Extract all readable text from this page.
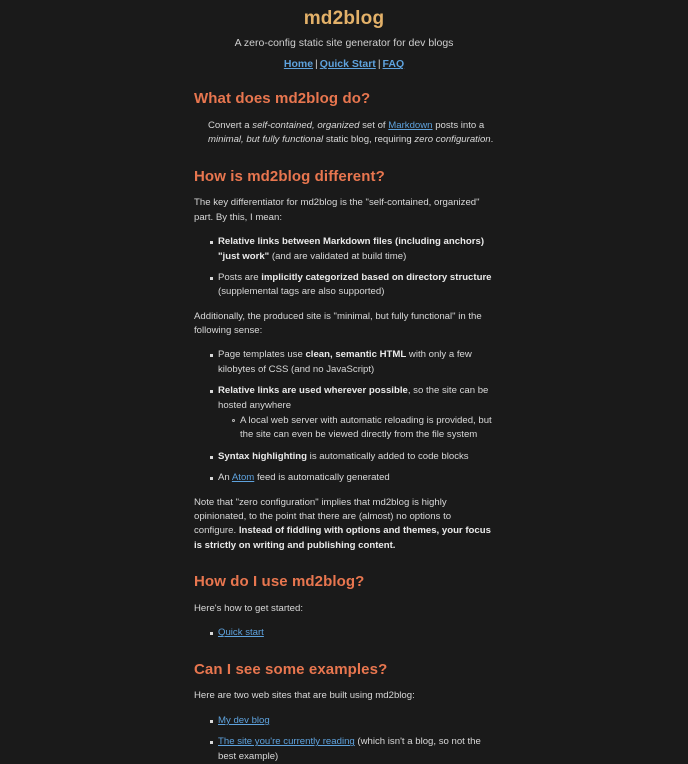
md2blog
A zero-config static site generator for dev blogs
Home | Quick Start | FAQ
What does md2blog do?

Convert a self-contained, organized set of Markdown posts into a minimal, but fully functional static blog, requiring zero configuration.

How is md2blog different?

The key differentiator for md2blog is the "self-contained, organized" part. By this, I mean:

Relative links between Markdown files (including anchors) "just work" (and are validated at build time)
Posts are implicitly categorized based on directory structure (supplemental tags are also supported)

Additionally, the produced site is "minimal, but fully functional" in the following sense:

Page templates use clean, semantic HTML with only a few kilobytes of CSS (and no JavaScript)
Relative links are used wherever possible, so the site can be hosted anywhere
A local web server with automatic reloading is provided, but the site can even be viewed directly from the file system
Syntax highlighting is automatically added to code blocks
An Atom feed is automatically generated

Note that "zero configuration" implies that md2blog is highly opinionated, to the point that there are (almost) no options to configure. Instead of fiddling with options and themes, your focus is strictly on writing and publishing content.

How do I use md2blog?

Here's how to get started:

Quick start
Can I see some examples?

Here are two web sites that are built using md2blog:

My dev blog
The site you're currently reading (which isn't a blog, so not the best example)
